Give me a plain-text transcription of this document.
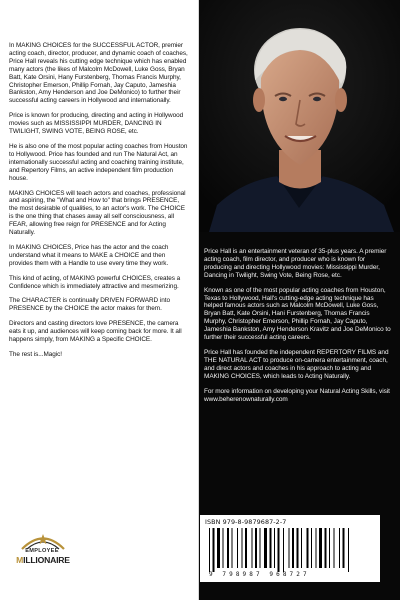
In MAKING CHOICES for the SUCCESSFUL ACTOR, premier acting coach, director, producer, and dynamic coach of coaches, Price Hall reveals his cutting edge technique which has enabled many actors (the likes of Malcolm McDowell, Luke Goss, Bryan Batt, Kate Orsini, Hany Furstenberg, Thomas Francis Murphy, Christopher Emerson, Phillip Fornah, Jay Caputo, Jameshia Bankston, Amy Henderson and Joe DeMonico) to further their successful acting careers in Hollywood and internationally.

Price is known for producing, directing and acting in Hollywood movies such as MISSISSIPPI MURDER, DANCING IN TWILIGHT, SWING VOTE, BEING ROSE, etc.

He is also one of the most popular acting coaches from Houston to Hollywood. Price has founded and run The Natural Act, an internationally successful acting and coaching training institute, and Repertory Films, an active independent film production house.

MAKING CHOICES will teach actors and coaches, professional and aspiring, the "What and How to" that brings PRESENCE, the most desirable of qualities, to an actor's work. The CHOICE is the one thing that chases away all self consciousness, all FEAR, allowing free reign for PRESENCE and for Acting Naturally.

In MAKING CHOICES, Price has the actor and the coach understand what it means to MAKE a CHOICE and then provides them with a Handle to use every time they work.

This kind of acting, of MAKING powerful CHOICES, creates a Confidence which is immediately attractive and mesmerizing.

The CHARACTER is continually DRIVEN FORWARD into PRESENCE by the CHOICE the actor makes for them.

Directors and casting directors love PRESENCE, the camera eats it up, and audiences will keep coming back for more. It all happens simply, from MAKING a Specific CHOICE.

The rest is...Magic!

EMPLOYEE
MILLIONAIRE

Price Hall is an entertainment veteran of 35-plus years. A premier acting coach, film director, and producer who is known for producing and directing Hollywood movies: Mississippi Murder, Dancing in Twilight, Swing Vote, Being Rose, etc.

Known as one of the most popular acting coaches from Houston, Texas to Hollywood, Hall's cutting-edge acting technique has helped famous actors such as Malcolm McDowell, Luke Goss, Bryan Batt, Kate Orsini, Hani Furstenberg, Thomas Francis Murphy, Christopher Emerson, Phillip Fornah, Jay Caputo, Jameshia Bankston, Amy Henderson Kravitz and Joe DeMonico to further their successful acting careers.

Price Hall has founded the independent REPERTORY FILMS and THE NATURAL ACT to produce on-camera entertainment, coach, and direct actors and coaches in his approach to acting and MAKING CHOICES, which leads to Acting Naturally.

For more information on developing your Natural Acting Skills, visit www.beherenownaturally.com

ISBN 979-8-9879687-2-7
9 798987 968727
